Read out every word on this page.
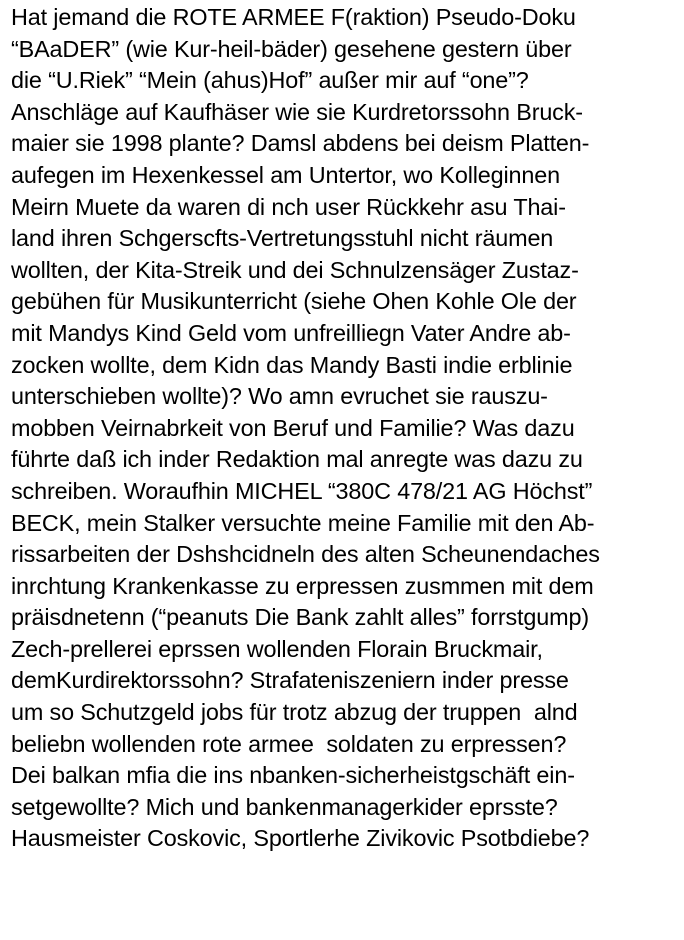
Hat jemand die ROTE ARMEE F(raktion) Pseudo-Doku
“BAaDER” (wie Kur-heil-bäder) gesehene gestern über
die “U.Riek” “Mein (ahus)Hof” außer mir auf “one”?
Anschläge auf Kaufhäser wie sie Kurdretorssohn Bruck-
maier sie 1998 plante? Damsl abdens bei deism Platten-
aufegen im Hexenkessel am Untertor, wo Kolleginnen
Meirn Muete da waren di nch user Rückkehr asu Thai-
land ihren Schgerscfts-Vertretungsstuhl nicht räumen
wollten, der Kita-Streik und dei Schnulzensäger Zustaz-
gebühen für Musikunterricht (siehe Ohen Kohle Ole der
mit Mandys Kind Geld vom unfreilliegn Vater Andre ab-
zocken wollte, dem Kidn das Mandy Basti indie erblinie
unterschieben wollte)? Wo amn evruchet sie rauszu-
mobben Veirnabrkeit von Beruf und Familie? Was dazu
führte daß ich inder Redaktion mal anregte was dazu zu
schreiben. Woraufhin MICHEL “380C 478/21 AG Höchst”
BECK, mein Stalker versuchte meine Familie mit den Ab-
rissarbeiten der Dshshcidneln des alten Scheunendaches
inrchtung Krankenkasse zu erpressen zusmmen mit dem
präisdnetenn (“peanuts Die Bank zahlt alles” forrstgump)
Zech-prellerei eprssen wollenden Florain Bruckmair,
demKurdirektorssohn? Strafateniszeniern inder presse
um so Schutzgeld jobs für trotz abzug der truppen  alnd
beliebn wollenden rote armee  soldaten zu erpressen?
Dei balkan mfia die ins nbanken-sicherheistgschäft ein-
setgewollte? Mich und bankenmanagerkider eprsste?
Hausmeister Coskovic, Sportlerhe Zivikovic Psotbdiebe?
